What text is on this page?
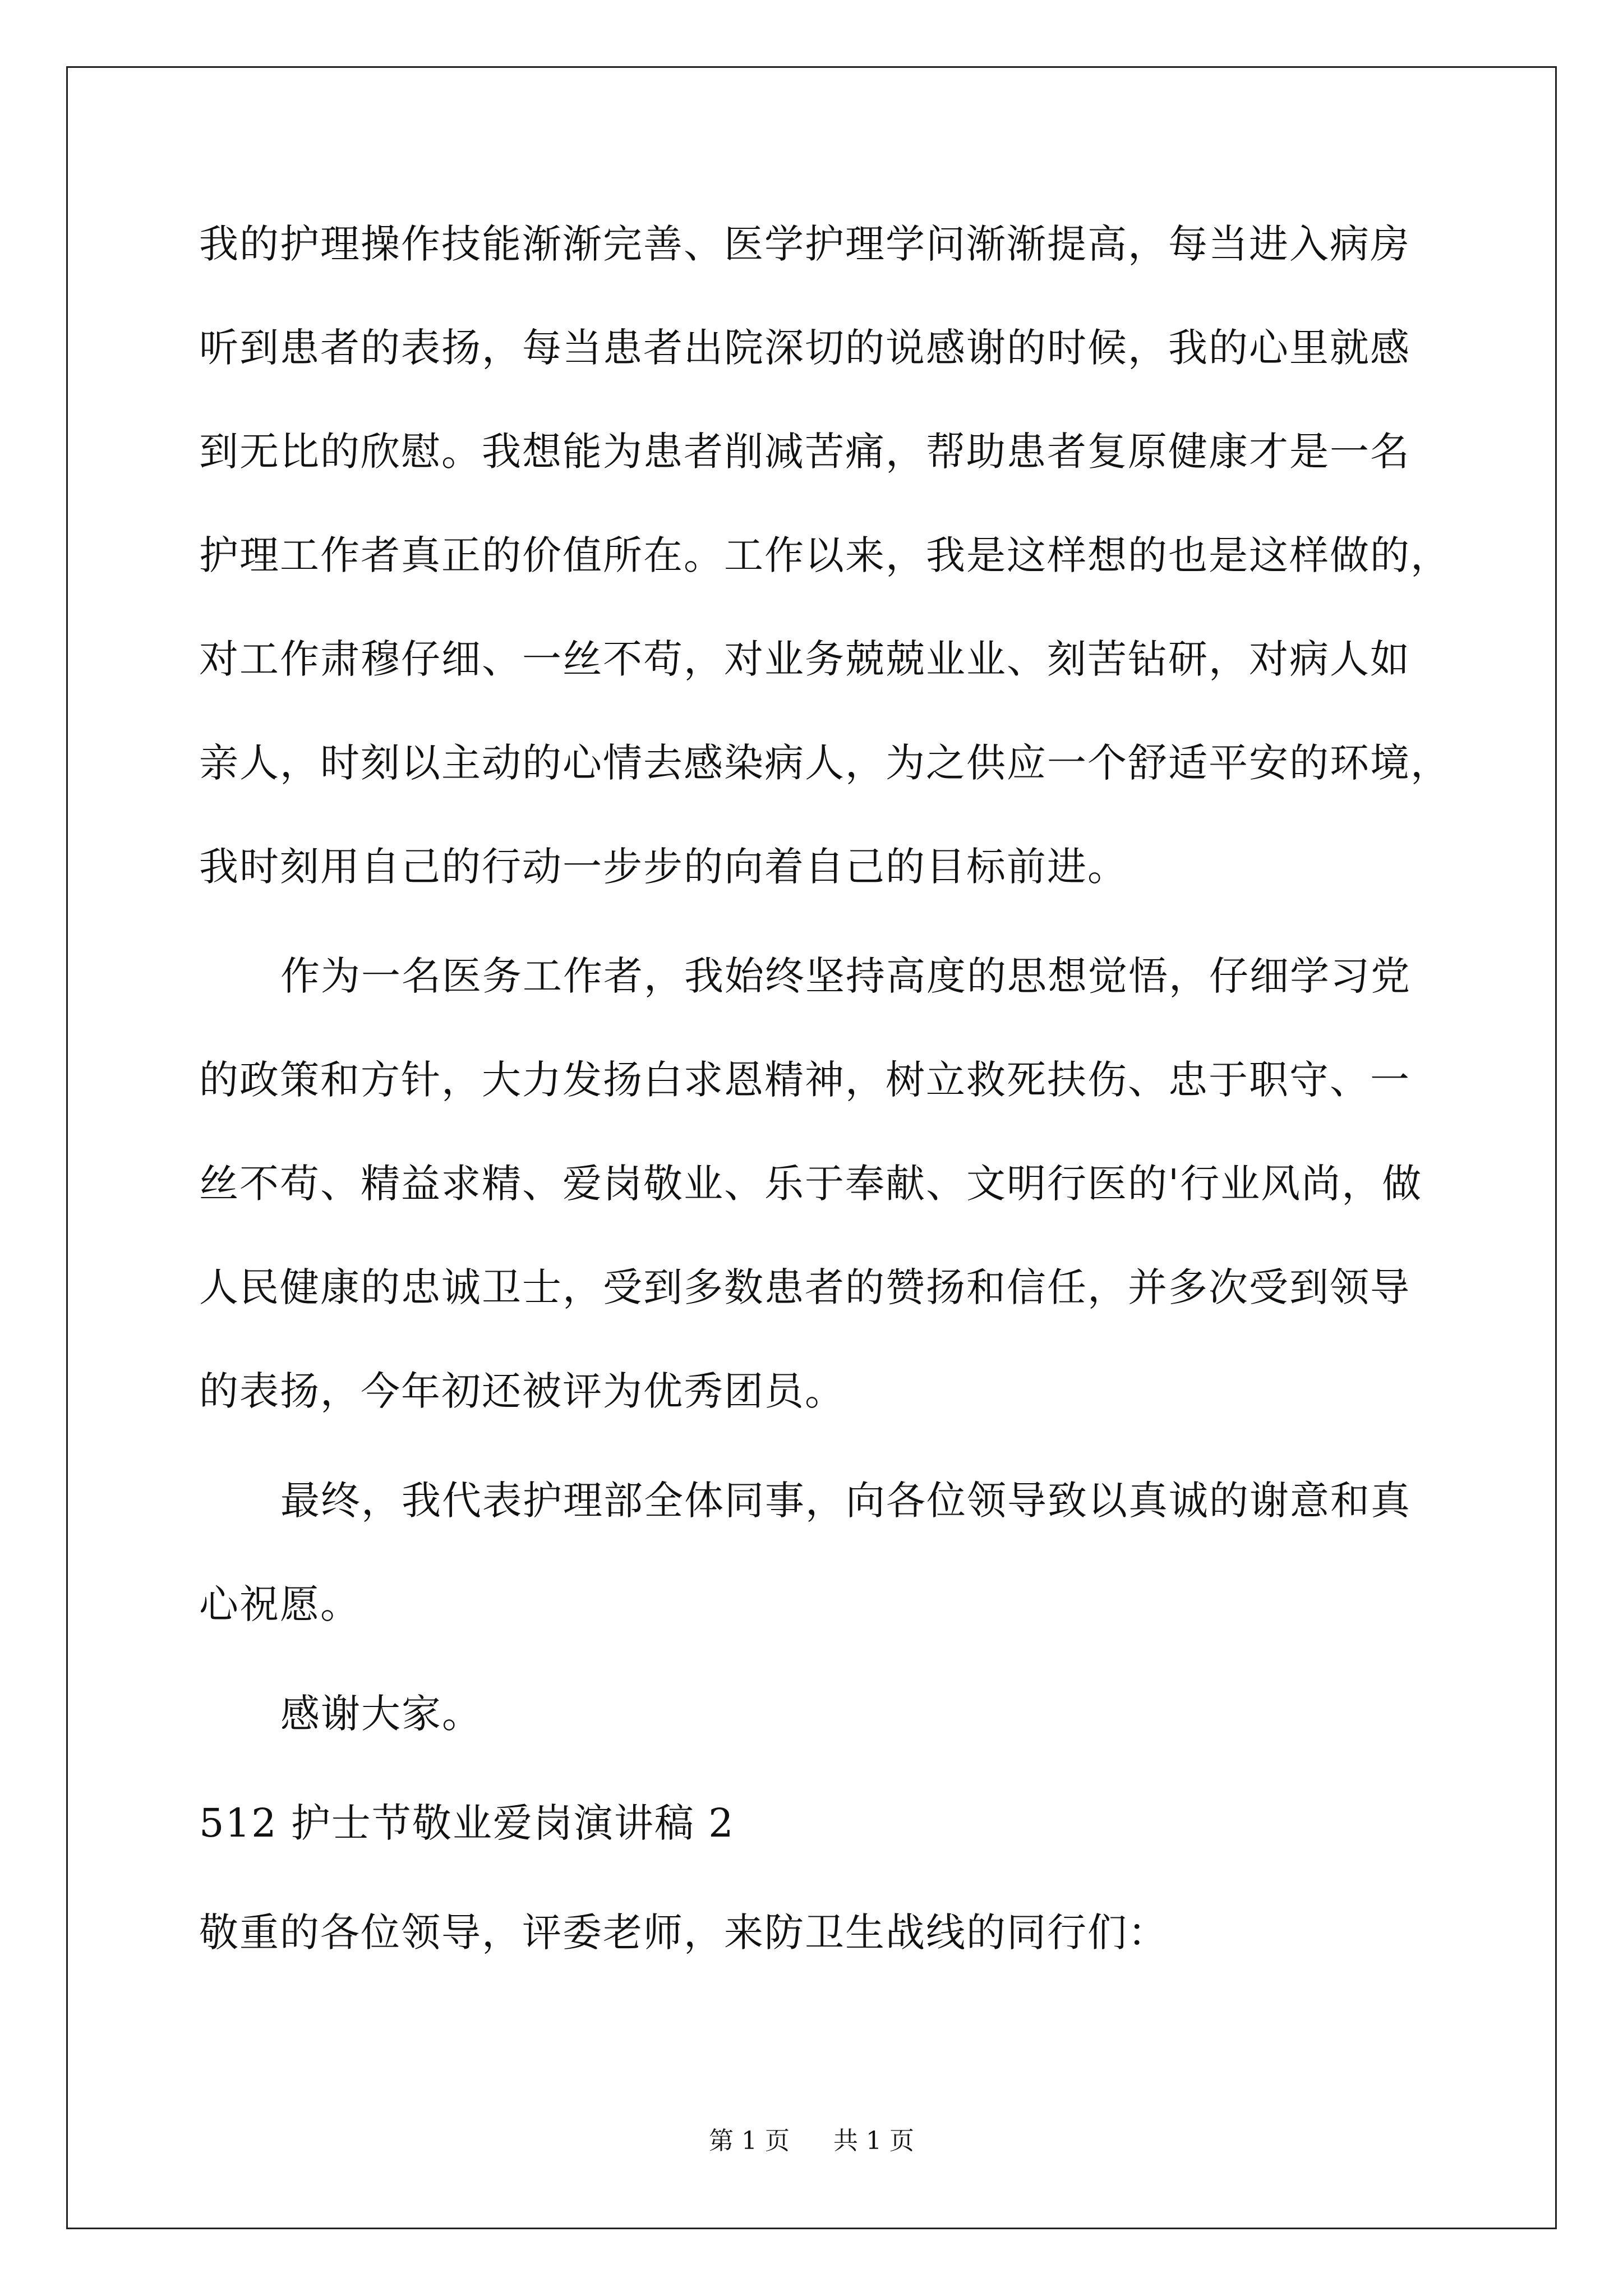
我的护理操作技能渐渐完善、医学护理学问渐渐提高，每当进入病房
听到患者的表扬，每当患者出院深切的说感谢的时候，我的心里就感
到无比的欣慰。我想能为患者削减苦痛，帮助患者复原健康才是一名
护理工作者真正的价值所在。工作以来，我是这样想的也是这样做的，
对工作肃穆仔细、一丝不苟，对业务兢兢业业、刻苦钻研，对病人如
亲人，时刻以主动的心情去感染病人，为之供应一个舒适平安的环境，
我时刻用自己的行动一步步的向着自己的目标前进。
作为一名医务工作者，我始终坚持高度的思想觉悟，仔细学习党
的政策和方针，大力发扬白求恩精神，树立救死扶伤、忠于职守、一
丝不苟、精益求精、爱岗敬业、乐于奉献、文明行医的'行业风尚，做
人民健康的忠诚卫士，受到多数患者的赞扬和信任，并多次受到领导
的表扬，今年初还被评为优秀团员。
最终，我代表护理部全体同事，向各位领导致以真诚的谢意和真
心祝愿。
感谢大家。
512 护士节敬业爱岗演讲稿 2
敬重的各位领导，评委老师，来防卫生战线的同行们：
第 1 页 共 1 页
